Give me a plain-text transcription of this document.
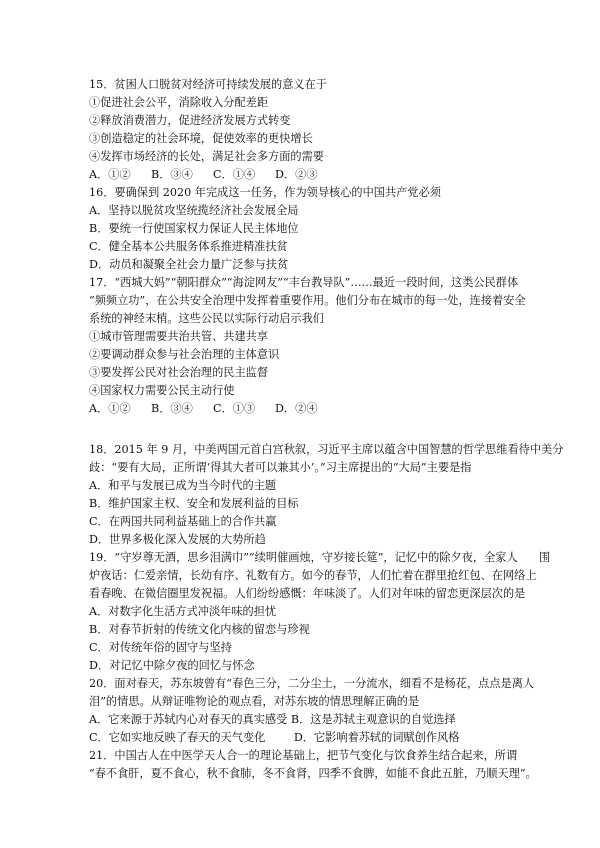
15．贫困人口脱贫对经济可持续发展的意义在于
①促进社会公平，消除收入分配差距
②释放消费潜力，促进经济发展方式转变
③创造稳定的社会环境，促使效率的更快增长
④发挥市场经济的长处，满足社会多方面的需要
A．①②	B．③④	C．①④	D．②③
16．要确保到 2020 年完成这一任务，作为领导核心的中国共产党必须
A．坚持以脱贫攻坚统揽经济社会发展全局
B．要统一行使国家权力保证人民主体地位
C．健全基本公共服务体系推进精准扶贫
D．动员和凝聚全社会力量广泛参与扶贫
17．“西城大妈”“朝阳群众”“海淀网友”“丰台教导队”……最近一段时间，这类公民群体
“频频立功”，在公共安全治理中发挥着重要作用。他们分布在城市的每一处，连接着安全
系统的神经末梢。这些公民以实际行动启示我们
①城市管理需要共治共管、共建共享
②要调动群众参与社会治理的主体意识
③要发挥公民对社会治理的民主监督
④国家权力需要公民主动行使
A．①②	B．③④	C．①③	D．②④
18．2015 年 9 月，中美两国元首白宫秋叙，习近平主席以蕴含中国智慧的哲学思维看待中美分
歧：“要有大局，正所谓‘得其大者可以兼其小’。”习主席提出的“大局”主要是指
A．和平与发展已成为当今时代的主题
B．维护国家主权、安全和发展利益的目标
C．在两国共同利益基础上的合作共赢
D．世界多极化深入发展的大势所趋
19．“守岁尊无酒，思乡泪满巾”“续明催画烛，守岁接长筵”，记忆中的除夕夜，全家人      围
炉夜话：仁爱亲情，长幼有序、礼数有方。如今的春节，人们忙着在群里抢红包、在网络上
看春晚、在微信圈里发祝福。人们纷纷感慨：年味淡了。人们对年味的留恋更深层次的是
A．对数字化生活方式冲淡年味的担忧
B．对春节折射的传统文化内核的留恋与珍视
C．对传统年俗的固守与坚持
D．对记忆中除夕夜的回忆与怀念
20．面对春天，苏东坡曾有“春色三分，二分尘土，一分流水，细看不是杨花，点点是离人
泪”的情思。从辩证唯物论的观点看，对苏东坡的情思理解正确的是
A．它来源于苏轼内心对春天的真实感受 B．这是苏轼主观意识的自觉选择
C．它如实地反映了春天的天气变化        D．它影响着苏轼的词赋创作风格
21．中国古人在中医学天人合一的理论基础上，把节气变化与饮食养生结合起来，所谓
“春不食肝，夏不食心，秋不食肺，冬不食肾，四季不食脾，如能不食此五脏，乃顺天理”。
